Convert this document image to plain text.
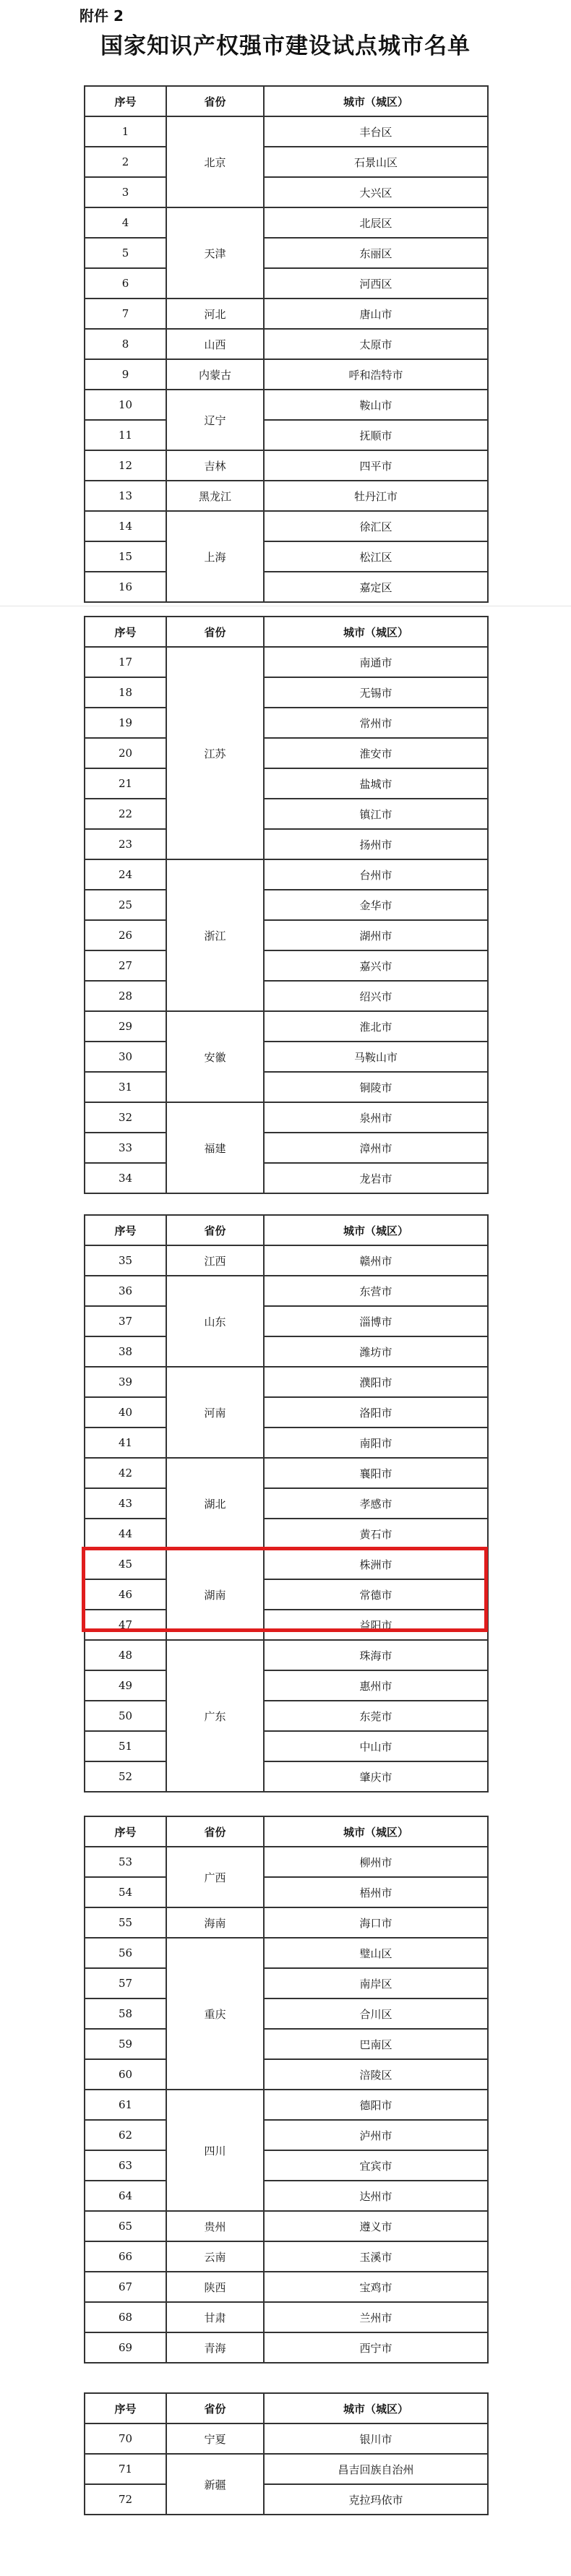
附件 2
国家知识产权强市建设试点城市名单
序号	省份	城市（城区）
1	北京	丰台区
2		石景山区
3		大兴区
4	天津	北辰区
5		东丽区
6		河西区
7	河北	唐山市
8	山西	太原市
9	内蒙古	呼和浩特市
10	辽宁	鞍山市
11		抚顺市
12	吉林	四平市
13	黑龙江	牡丹江市
14	上海	徐汇区
15		松江区
16		嘉定区
序号	省份	城市（城区）
17	江苏	南通市
18		无锡市
19		常州市
20		淮安市
21		盐城市
22		镇江市
23		扬州市
24	浙江	台州市
25		金华市
26		湖州市
27		嘉兴市
28		绍兴市
29	安徽	淮北市
30		马鞍山市
31		铜陵市
32	福建	泉州市
33		漳州市
34		龙岩市
序号	省份	城市（城区）
35	江西	赣州市
36	山东	东营市
37		淄博市
38		潍坊市
39	河南	濮阳市
40		洛阳市
41		南阳市
42	湖北	襄阳市
43		孝感市
44		黄石市
45	湖南	株洲市
46		常德市
47		益阳市
48	广东	珠海市
49		惠州市
50		东莞市
51		中山市
52		肇庆市
序号	省份	城市（城区）
53	广西	柳州市
54		梧州市
55	海南	海口市
56	重庆	璧山区
57		南岸区
58		合川区
59		巴南区
60		涪陵区
61	四川	德阳市
62		泸州市
63		宜宾市
64		达州市
65	贵州	遵义市
66	云南	玉溪市
67	陕西	宝鸡市
68	甘肃	兰州市
69	青海	西宁市
序号	省份	城市（城区）
70	宁夏	银川市
71	新疆	昌吉回族自治州
72		克拉玛依市
